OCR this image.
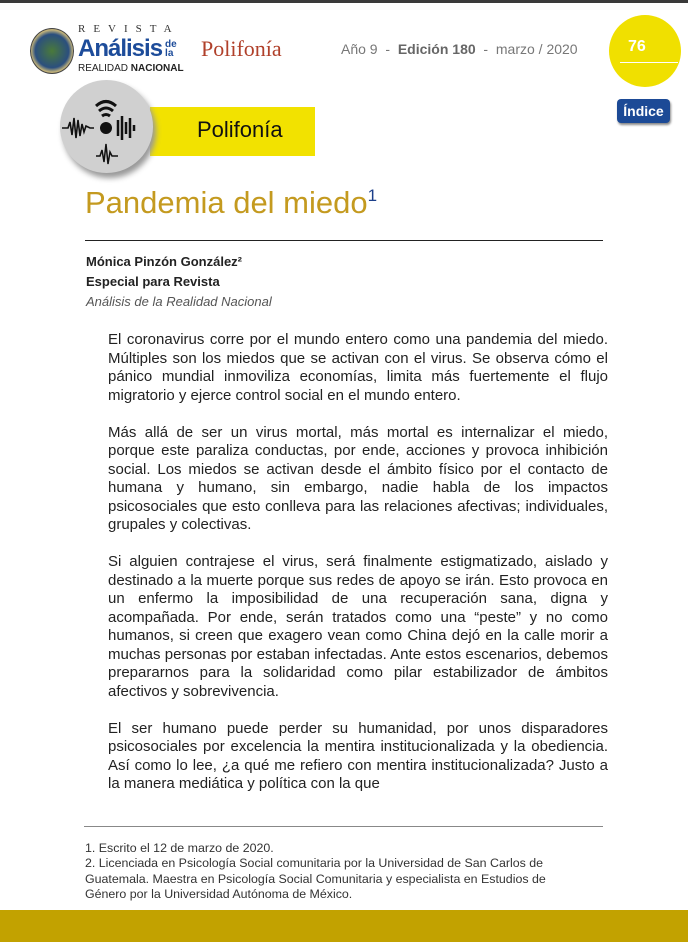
REVISTA
Análisis de la
REALIDAD NACIONAL
Polifonía	Año 9 - Edición 180 - marzo / 2020	76
Índice
Polifonía
Pandemia del miedo$^1$
Mónica Pinzón González²
Especial para Revista
Análisis de la Realidad Nacional

El coronavirus corre por el mundo entero como una pandemia del miedo. Múltiples son los miedos que se activan con el virus. Se observa cómo el pánico mundial inmoviliza economías, limita más fuertemente el flujo migratorio y ejerce control social en el mundo entero.

Más allá de ser un virus mortal, más mortal es internalizar el miedo, porque este paraliza conductas, por ende, acciones y provoca inhibición social. Los miedos se activan desde el ámbito físico por el contacto de humana y humano, sin embargo, nadie habla de los impactos psicosociales que esto conlleva para las relaciones afectivas; individuales, grupales y colectivas.

Si alguien contrajese el virus, será finalmente estigmatizado, aislado y destinado a la muerte porque sus redes de apoyo se irán. Esto provoca en un enfermo la imposibilidad de una recuperación sana, digna y acompañada. Por ende, serán tratados como una “peste” y no como humanos, si creen que exagero vean como China dejó en la calle morir a muchas personas por estaban infectadas. Ante estos escenarios, debemos prepararnos para la solidaridad como pilar estabilizador de ámbitos afectivos y sobrevivencia.

El ser humano puede perder su humanidad, por unos disparadores psicosociales por excelencia la mentira institucionalizada y la obediencia. Así como lo lee, ¿a qué me refiero con mentira institucionalizada? Justo a la manera mediática y política con la que

1. Escrito el 12 de marzo de 2020.
2. Licenciada en Psicología Social comunitaria por la Universidad de San Carlos de Guatemala. Maestra en Psicología Social Comunitaria y especialista en Estudios de Género por la Universidad Autónoma de México.
